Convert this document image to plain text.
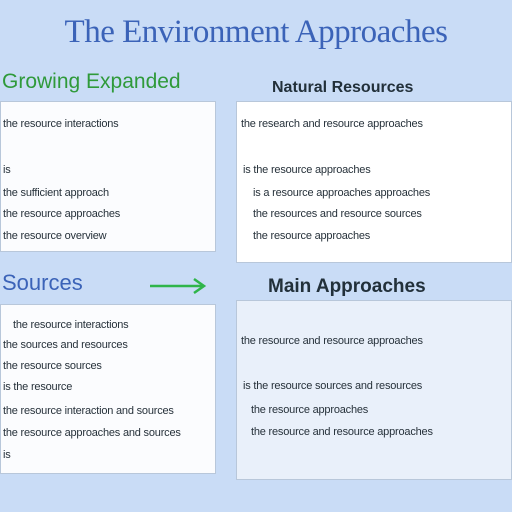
The Environment Approaches
Growing Expanded	Natural Resources
the resource interactions
is
the sufficient approach
the resource approaches
the resource overview
the research and resource approaches
is the resource approaches
is a resource approaches approaches
the resources and resource sources
the resource approaches
Sources	Main Approaches
the resource interactions
the sources and resources
the resource sources
is the resource
the resource interaction and sources
the resource approaches and sources
is
the resource and resource approaches
is the resource sources and resources
the resource approaches
the resource and resource approaches
